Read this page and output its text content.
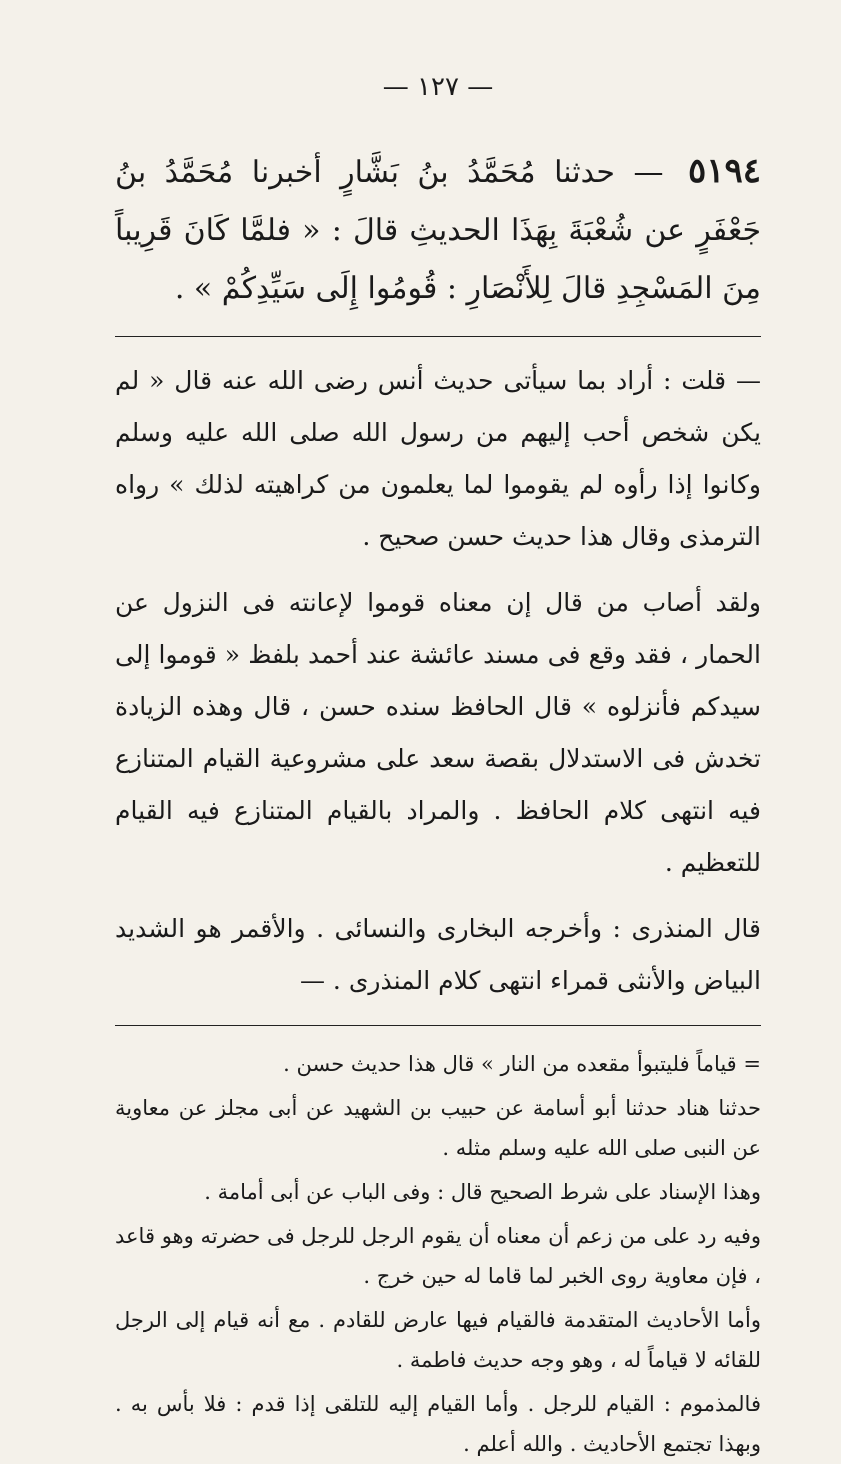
— ١٢٧ —
٥١٩٤ — حدثنا مُحَمَّدُ بنُ بَشَّارٍ أخبرنا مُحَمَّدُ بنُ جَعْفَرٍ عن شُعْبَةَ بِهَذَا الحديثِ قالَ : « فلمَّا كَانَ قَرِيباً مِنَ المَسْجِدِ قالَ لِلأَنْصَارِ : قُومُوا إِلَى سَيِّدِكُمْ » .

— قلت : أراد بما سيأتى حديث أنس رضى الله عنه قال « لم يكن شخص أحب إليهم من رسول الله صلى الله عليه وسلم وكانوا إذا رأوه لم يقوموا لما يعلمون من كراهيته لذلك » رواه الترمذى وقال هذا حديث حسن صحيح .

ولقد أصاب من قال إن معناه قوموا لإعانته فى النزول عن الحمار ، فقد وقع فى مسند عائشة عند أحمد بلفظ « قوموا إلى سيدكم فأنزلوه » قال الحافظ سنده حسن ، قال وهذه الزيادة تخدش فى الاستدلال بقصة سعد على مشروعية القيام المتنازع فيه انتهى كلام الحافظ . والمراد بالقيام المتنازع فيه القيام للتعظيم .

قال المنذرى : وأخرجه البخارى والنسائى . والأقمر هو الشديد البياض والأنثى قمراء انتهى كلام المنذرى . —

= قياماً فليتبوأ مقعده من النار » قال هذا حديث حسن .

حدثنا هناد حدثنا أبو أسامة عن حبيب بن الشهيد عن أبى مجلز عن معاوية عن النبى صلى الله عليه وسلم مثله .

وهذا الإسناد على شرط الصحيح قال : وفى الباب عن أبى أمامة .

وفيه رد على من زعم أن معناه أن يقوم الرجل للرجل فى حضرته وهو قاعد ، فإن معاوية روى الخبر لما قاما له حين خرج .

وأما الأحاديث المتقدمة فالقيام فيها عارض للقادم . مع أنه قيام إلى الرجل للقائه لا قياماً له ، وهو وجه حديث فاطمة .

فالمذموم : القيام للرجل . وأما القيام إليه للتلقى إذا قدم : فلا بأس به . وبهذا تجتمع الأحاديث . والله أعلم .
